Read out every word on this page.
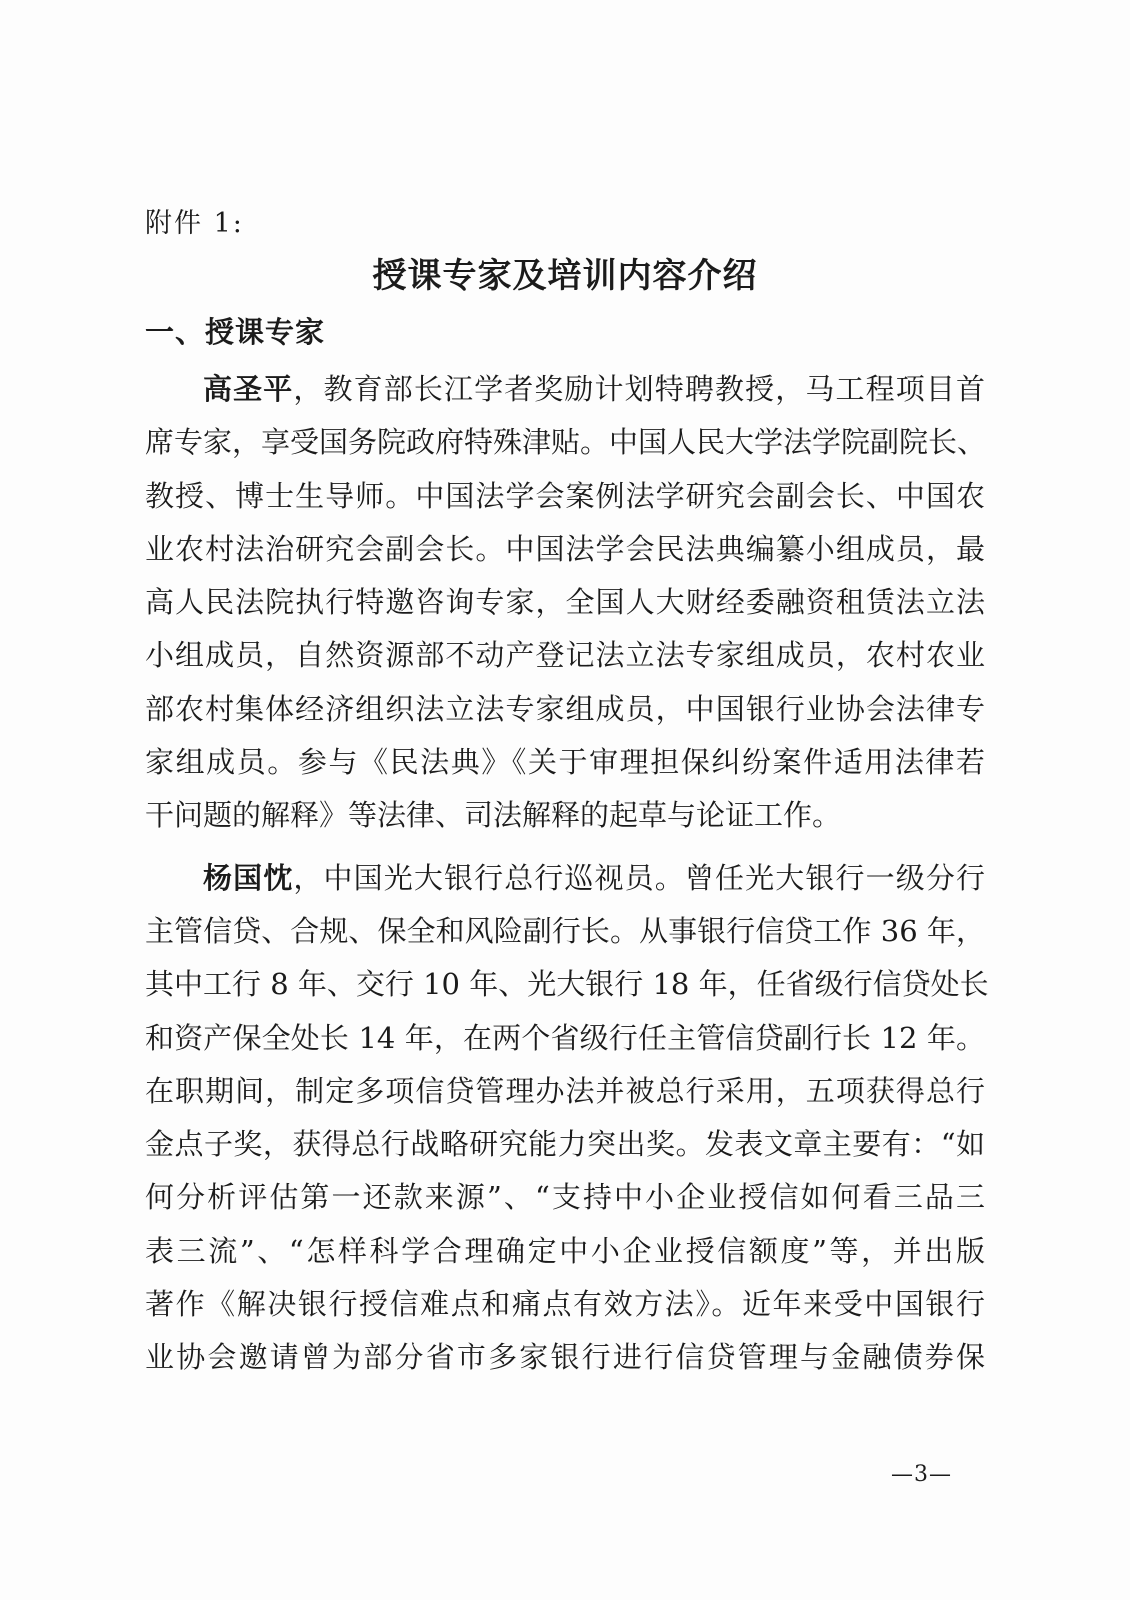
附件 1:

授课专家及培训内容介绍
一、授课专家
高圣平，教育部长江学者奖励计划特聘教授，马工程项目首
席专家，享受国务院政府特殊津贴。中国人民大学法学院副院长、
教授、博士生导师。中国法学会案例法学研究会副会长、中国农
业农村法治研究会副会长。中国法学会民法典编纂小组成员，最
高人民法院执行特邀咨询专家，全国人大财经委融资租赁法立法
小组成员，自然资源部不动产登记法立法专家组成员，农村农业
部农村集体经济组织法立法专家组成员，中国银行业协会法律专
家组成员。参与《民法典》《关于审理担保纠纷案件适用法律若
干问题的解释》等法律、司法解释的起草与论证工作。
杨国忱，中国光大银行总行巡视员。曾任光大银行一级分行
主管信贷、合规、保全和风险副行长。从事银行信贷工作 36 年，
其中工行 8 年、交行 10 年、光大银行 18 年，任省级行信贷处长
和资产保全处长 14 年，在两个省级行任主管信贷副行长 12 年。
在职期间，制定多项信贷管理办法并被总行采用，五项获得总行
金点子奖，获得总行战略研究能力突出奖。发表文章主要有：“如
何分析评估第一还款来源”、“支持中小企业授信如何看三品三
表三流”、“怎样科学合理确定中小企业授信额度”等，并出版
著作《解决银行授信难点和痛点有效方法》。近年来受中国银行
业协会邀请曾为部分省市多家银行进行信贷管理与金融债券保

—3—
